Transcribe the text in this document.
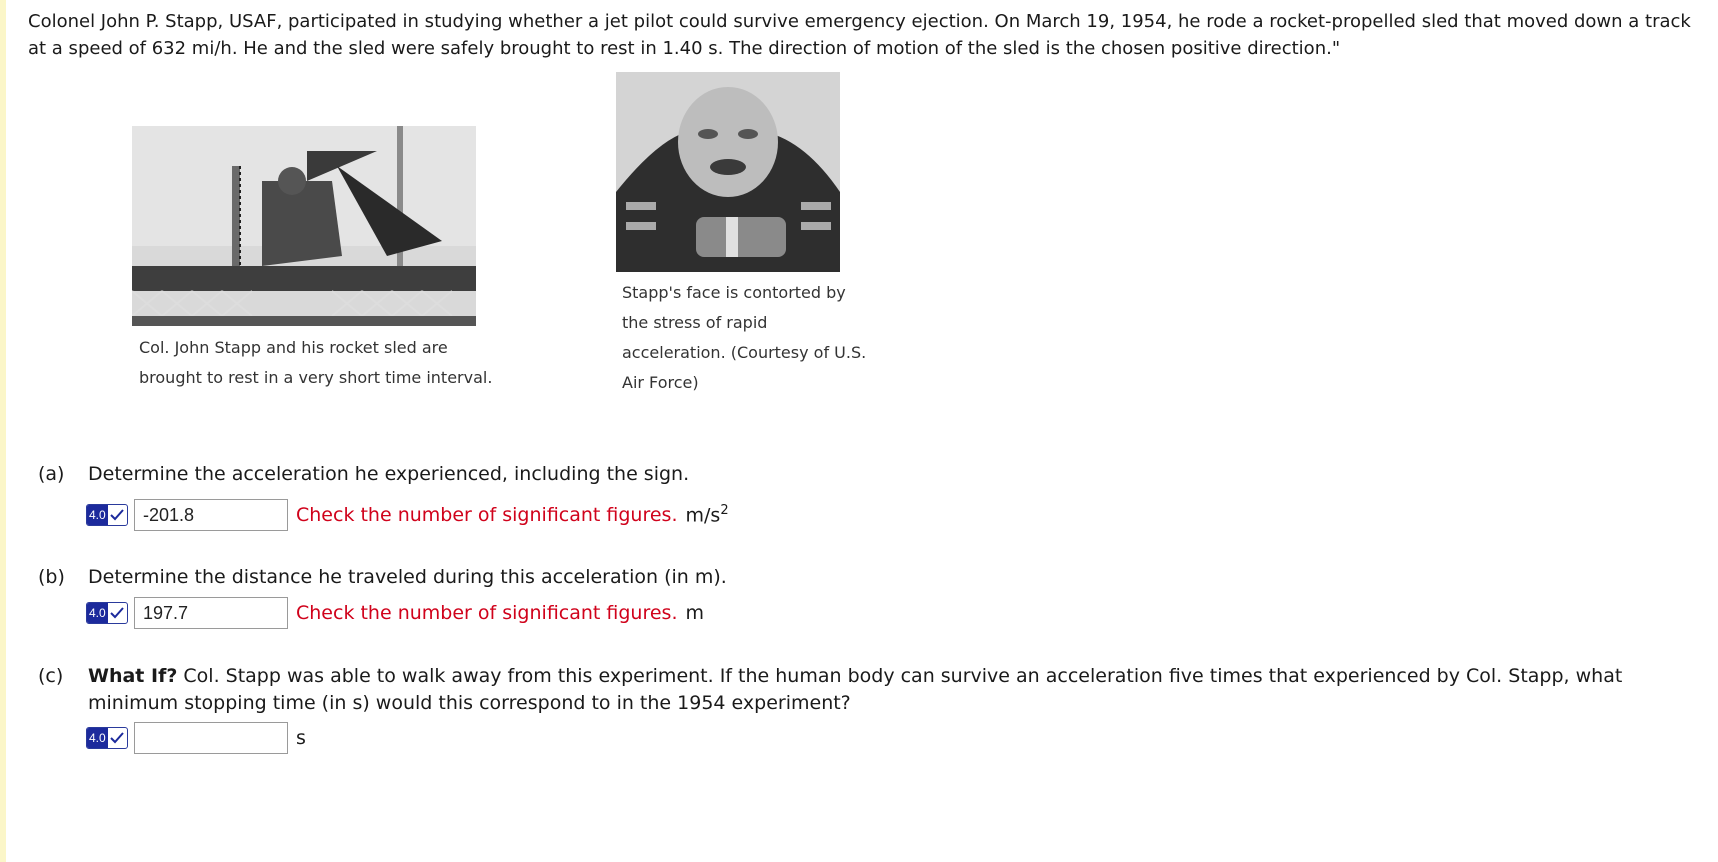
Colonel John P. Stapp, USAF, participated in studying whether a jet pilot could survive emergency ejection. On March 19, 1954, he rode a rocket-propelled sled that moved down a track at a speed of 632 mi/h. He and the sled were safely brought to rest in 1.40 s. The direction of motion of the sled is the chosen positive direction."
Col. John Stapp and his rocket sled are
brought to rest in a very short time interval.
Stapp's face is contorted by
the stress of rapid
acceleration. (Courtesy of U.S.
Air Force)
(a) Determine the acceleration he experienced, including the sign.
4.0
-201.8	Check the number of significant figures. $m/s^2$
(b) Determine the distance he traveled during this acceleration (in m).
4.0
197.7	Check the number of significant figures. m
(c)	What If? Col. Stapp was able to walk away from this experiment. If the human body can survive an acceleration five times that experienced by Col. Stapp, what
minimum stopping time (in s) would this correspond to in the 1954 experiment?
4.0	s
